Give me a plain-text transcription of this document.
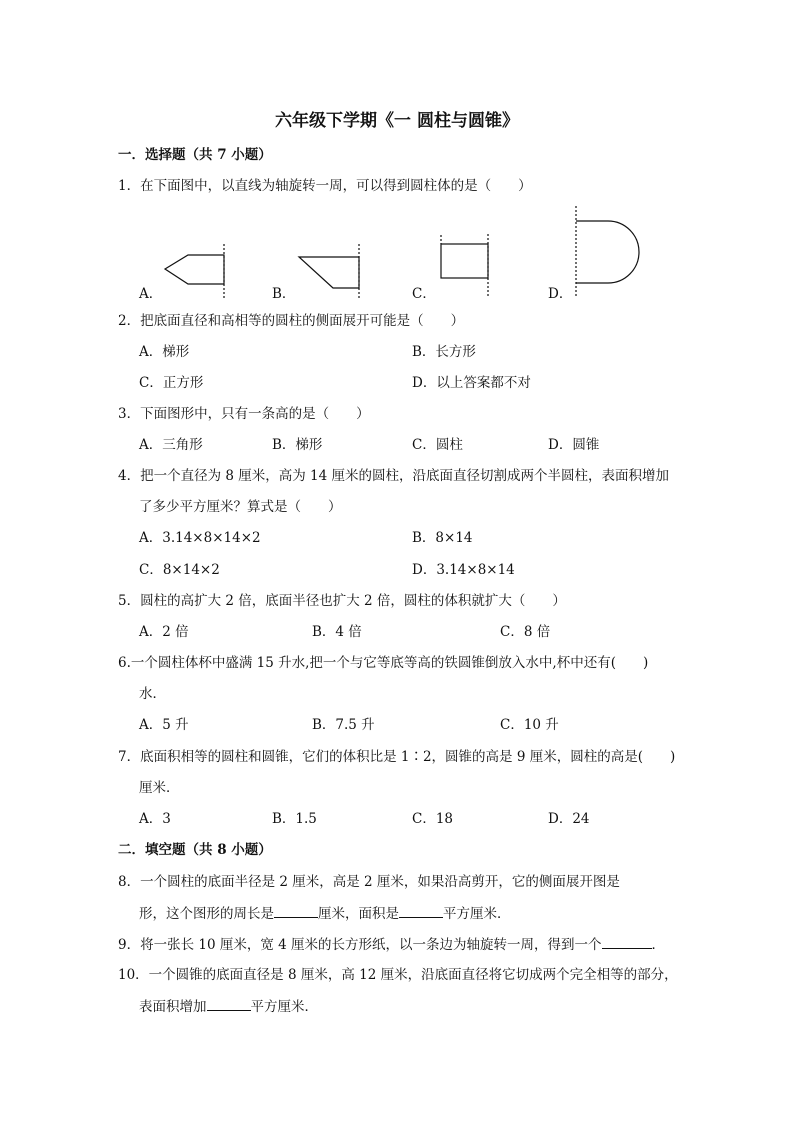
六年级下学期《一 圆柱与圆锥》
一．选择题（共 7 小题）
1．在下面图中，以直线为轴旋转一周，可以得到圆柱体的是（　　）
A．	B．	C．	D．
2．把底面直径和高相等的圆柱的侧面展开可能是（　　）
A．梯形	B．长方形
C．正方形	D．以上答案都不对
3．下面图形中，只有一条高的是（　　）
A．三角形	B．梯形	C．圆柱	D．圆锥
4．把一个直径为 8 厘米，高为 14 厘米的圆柱，沿底面直径切割成两个半圆柱，表面积增加
了多少平方厘米？算式是（　　）
A．3.14×8×14×2	B．8×14
C．8×14×2	D．3.14×8×14
5．圆柱的高扩大 2 倍，底面半径也扩大 2 倍，圆柱的体积就扩大（　　）
A．2 倍	B．4 倍	C．8 倍
6.一个圆柱体杯中盛满 15 升水,把一个与它等底等高的铁圆锥倒放入水中,杯中还有(　　)
水．
A．5 升	B．7.5 升	C．10 升
7．底面积相等的圆柱和圆锥，它们的体积比是 1∶2，圆锥的高是 9 厘米，圆柱的高是(　　)
厘米．
A．3	B．1.5	C．18	D．24
二．填空题（共 8 小题）
8．一个圆柱的底面半径是 2 厘米，高是 2 厘米，如果沿高剪开，它的侧面展开图是
形，这个图形的周长是	厘米，面积是	平方厘米．
9．将一张长 10 厘米，宽 4 厘米的长方形纸，以一条边为轴旋转一周，得到一个	．
10．一个圆锥的底面直径是 8 厘米，高 12 厘米，沿底面直径将它切成两个完全相等的部分，
表面积增加	平方厘米．
